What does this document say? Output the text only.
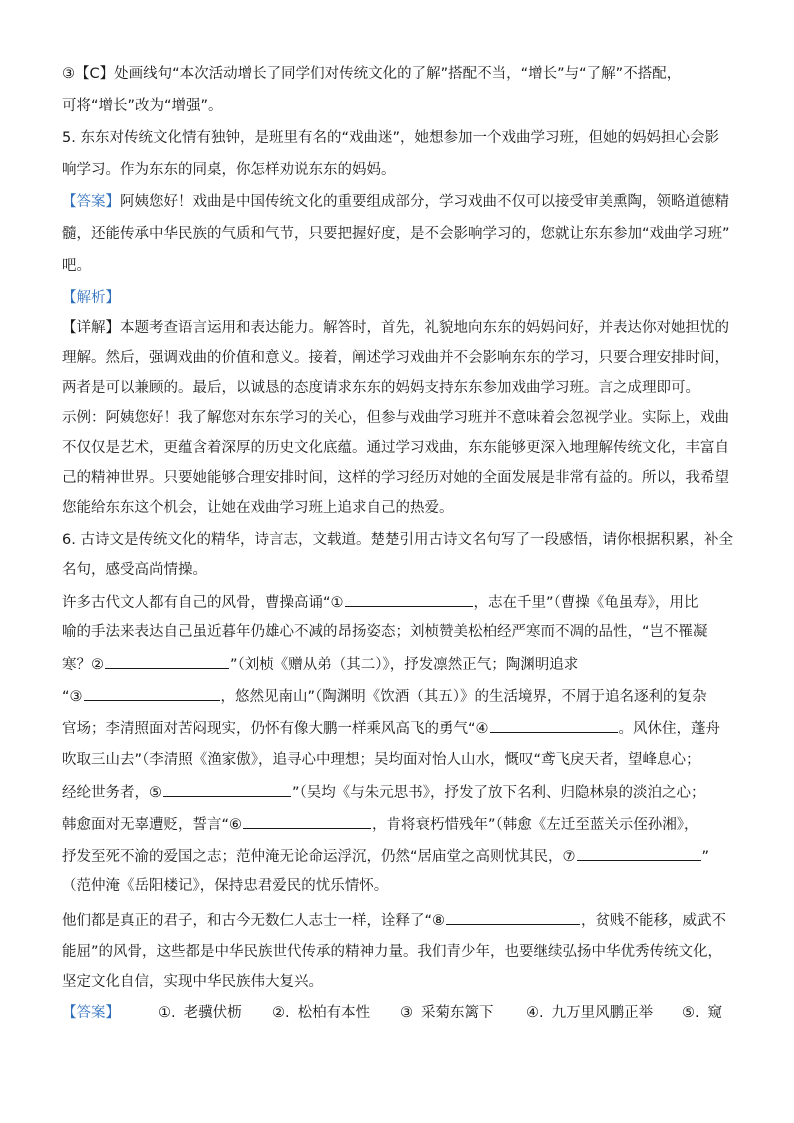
③【C】处画线句“本次活动增长了同学们对传统文化的了解”搭配不当，“增长”与“了解”不搭配，
可将“增长”改为“增强”。
5. 东东对传统文化情有独钟，是班里有名的“戏曲迷”，她想参加一个戏曲学习班，但她的妈妈担心会影
响学习。作为东东的同桌，你怎样劝说东东的妈妈。
【答案】阿姨您好！戏曲是中国传统文化的重要组成部分，学习戏曲不仅可以接受审美熏陶，领略道德精
髓，还能传承中华民族的气质和气节，只要把握好度，是不会影响学习的，您就让东东参加“戏曲学习班”
吧。
【解析】
【详解】本题考查语言运用和表达能力。解答时，首先，礼貌地向东东的妈妈问好，并表达你对她担忧的
理解。然后，强调戏曲的价值和意义。接着，阐述学习戏曲并不会影响东东的学习，只要合理安排时间，
两者是可以兼顾的。最后，以诚恳的态度请求东东的妈妈支持东东参加戏曲学习班。言之成理即可。
示例：阿姨您好！我了解您对东东学习的关心，但参与戏曲学习班并不意味着会忽视学业。实际上，戏曲
不仅仅是艺术，更蕴含着深厚的历史文化底蕴。通过学习戏曲，东东能够更深入地理解传统文化，丰富自
己的精神世界。只要她能够合理安排时间，这样的学习经历对她的全面发展是非常有益的。所以，我希望
您能给东东这个机会，让她在戏曲学习班上追求自己的热爱。
6. 古诗文是传统文化的精华，诗言志，文载道。楚楚引用古诗文名句写了一段感悟，请你根据积累，补全
名句，感受高尚情操。
许多古代文人都有自己的风骨，曹操高诵“①	，志在千里”（曹操《龟虽寿》，用比
喻的手法来表达自己虽近暮年仍雄心不减的昂扬姿态；刘桢赞美松柏经严寒而不凋的品性，“岂不罹凝
寒？②	”（刘桢《赠从弟（其二）》，抒发凛然正气；陶渊明追求
“③	，悠然见南山”（陶渊明《饮酒（其五）》的生活境界，不屑于追名逐利的复杂
官场；李清照面对苦闷现实，仍怀有像大鹏一样乘风高飞的勇气“④	。风休住，蓬舟
吹取三山去”（李清照《渔家傲》，追寻心中理想；吴均面对怡人山水，慨叹“鸢飞戾天者，望峰息心；
经纶世务者，⑤	”（吴均《与朱元思书》，抒发了放下名利、归隐林泉的淡泊之心；
韩愈面对无辜遭贬，誓言“⑥	，肯将衰朽惜残年”（韩愈《左迁至蓝关示侄孙湘》，
抒发至死不渝的爱国之志；范仲淹无论命运浮沉，仍然“居庙堂之高则忧其民，⑦	”
（范仲淹《岳阳楼记》，保持忠君爱民的忧乐情怀。
他们都是真正的君子，和古今无数仁人志士一样，诠释了“⑧	，贫贱不能移，威武不
能屈”的风骨，这些都是中华民族世代传承的精神力量。我们青少年，也要继续弘扬中华优秀传统文化，
坚定文化自信，实现中华民族伟大复兴。
【答案】	①. 老骥伏枥 ②. 松柏有本性 ③ 采菊东篱下 ④. 九万里风鹏正举 ⑤. 窥
